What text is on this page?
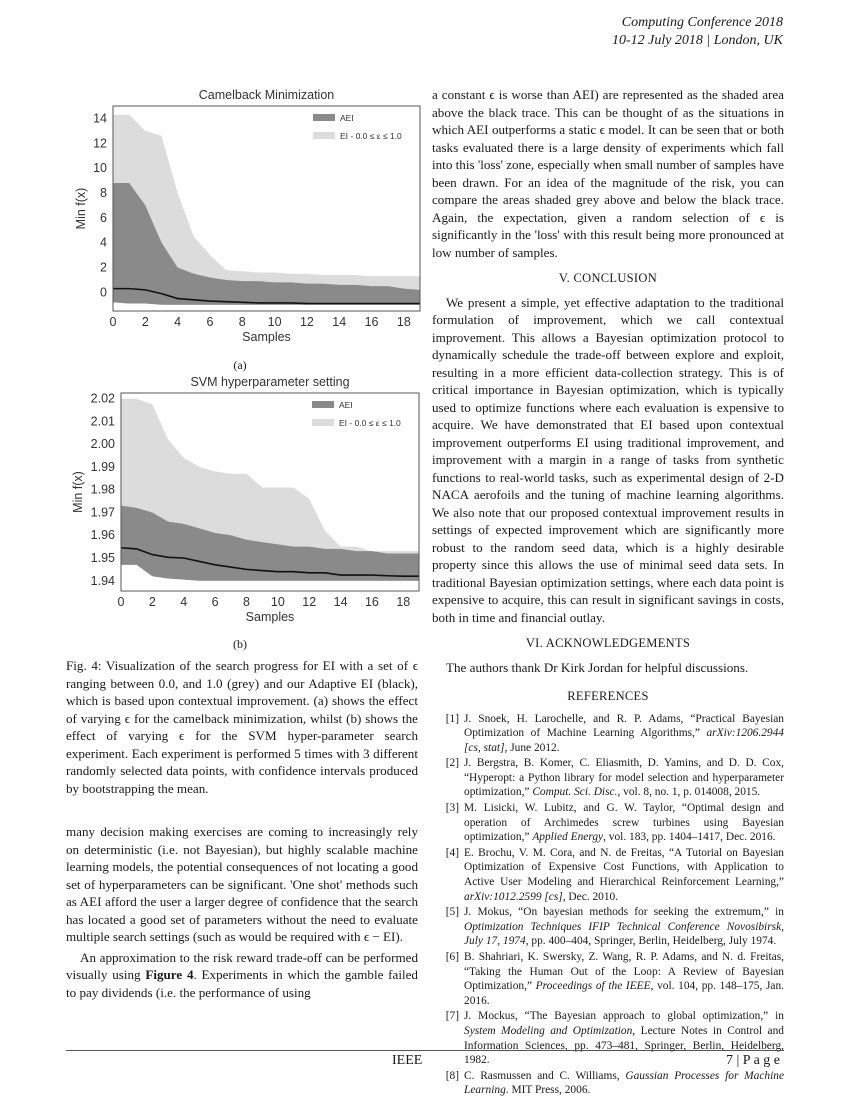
Computing Conference 2018
10-12 July 2018 | London, UK
Camelback Minimization
0 2 4 6 8 10 12 14 16 18
0
2
4
6
8
10
12
14
Samples
Min f(x)
AEI
EI - 0.0 ≤ ε ≤ 1.0
(a)
SVM hyperparameter setting
0 2 4 6 8 10 12 14 16 18
1.94
1.95
1.96
1.97
1.98
1.99
2.00
2.01
2.02
Samples
Min f(x)
AEI
EI - 0.0 ≤ ε ≤ 1.0
(b)

Fig. 4: Visualization of the search progress for EI with a set of ϵ ranging between 0.0, and 1.0 (grey) and our Adaptive EI (black), which is based upon contextual improvement. (a) shows the effect of varying ϵ for the camelback minimization, whilst (b) shows the effect of varying ϵ for the SVM hyper-parameter search experiment. Each experiment is performed 5 times with 3 different randomly selected data points, with confidence intervals produced by bootstrapping the mean.

many decision making exercises are coming to increasingly rely on deterministic (i.e. not Bayesian), but highly scalable machine learning models, the potential consequences of not locating a good set of hyperparameters can be significant. 'One shot' methods such as AEI afford the user a larger degree of confidence that the search has located a good set of parameters without the need to evaluate multiple search settings (such as would be required with ϵ − EI).

An approximation to the risk reward trade-off can be performed visually using Figure 4. Experiments in which the gamble failed to pay dividends (i.e. the performance of using

a constant ϵ is worse than AEI) are represented as the shaded area above the black trace. This can be thought of as the situations in which AEI outperforms a static ϵ model. It can be seen that or both tasks evaluated there is a large density of experiments which fall into this 'loss' zone, especially when small number of samples have been drawn. For an idea of the magnitude of the risk, you can compare the areas shaded grey above and below the black trace. Again, the expectation, given a random selection of ϵ is significantly in the 'loss' with this result being more pronounced at low number of samples.

V. CONCLUSION

We present a simple, yet effective adaptation to the traditional formulation of improvement, which we call contextual improvement. This allows a Bayesian optimization protocol to dynamically schedule the trade-off between explore and exploit, resulting in a more efficient data-collection strategy. This is of critical importance in Bayesian optimization, which is typically used to optimize functions where each evaluation is expensive to acquire. We have demonstrated that EI based upon contextual improvement outperforms EI using traditional improvement, and improvement with a margin in a range of tasks from synthetic functions to real-world tasks, such as experimental design of 2-D NACA aerofoils and the tuning of machine learning algorithms. We also note that our proposed contextual improvement results in settings of expected improvement which are significantly more robust to the random seed data, which is a highly desirable property since this allows the use of minimal seed data sets. In traditional Bayesian optimization settings, where each data point is expensive to acquire, this can result in significant savings in costs, both in time and financial outlay.

VI. ACKNOWLEDGEMENTS

The authors thank Dr Kirk Jordan for helpful discussions.

REFERENCES
[1] J. Snoek, H. Larochelle, and R. P. Adams, “Practical Bayesian Optimization of Machine Learning Algorithms,” arXiv:1206.2944 [cs, stat], June 2012.
[2] J. Bergstra, B. Komer, C. Eliasmith, D. Yamins, and D. D. Cox, “Hyperopt: a Python library for model selection and hyperparameter optimization,” Comput. Sci. Disc., vol. 8, no. 1, p. 014008, 2015.
[3] M. Lisicki, W. Lubitz, and G. W. Taylor, “Optimal design and operation of Archimedes screw turbines using Bayesian optimization,” Applied Energy, vol. 183, pp. 1404–1417, Dec. 2016.
[4] E. Brochu, V. M. Cora, and N. de Freitas, “A Tutorial on Bayesian Optimization of Expensive Cost Functions, with Application to Active User Modeling and Hierarchical Reinforcement Learning,” arXiv:1012.2599 [cs], Dec. 2010.
[5] J. Mokus, “On bayesian methods for seeking the extremum,” in Optimization Techniques IFIP Technical Conference Novosibirsk, July 17, 1974, pp. 400–404, Springer, Berlin, Heidelberg, July 1974.
[6] B. Shahriari, K. Swersky, Z. Wang, R. P. Adams, and N. d. Freitas, “Taking the Human Out of the Loop: A Review of Bayesian Optimization,” Proceedings of the IEEE, vol. 104, pp. 148–175, Jan. 2016.
[7] J. Mockus, “The Bayesian approach to global optimization,” in System Modeling and Optimization, Lecture Notes in Control and Information Sciences, pp. 473–481, Springer, Berlin, Heidelberg, 1982.
[8] C. Rasmussen and C. Williams, Gaussian Processes for Machine Learning. MIT Press, 2006.
IEEE	7 | P a g e
